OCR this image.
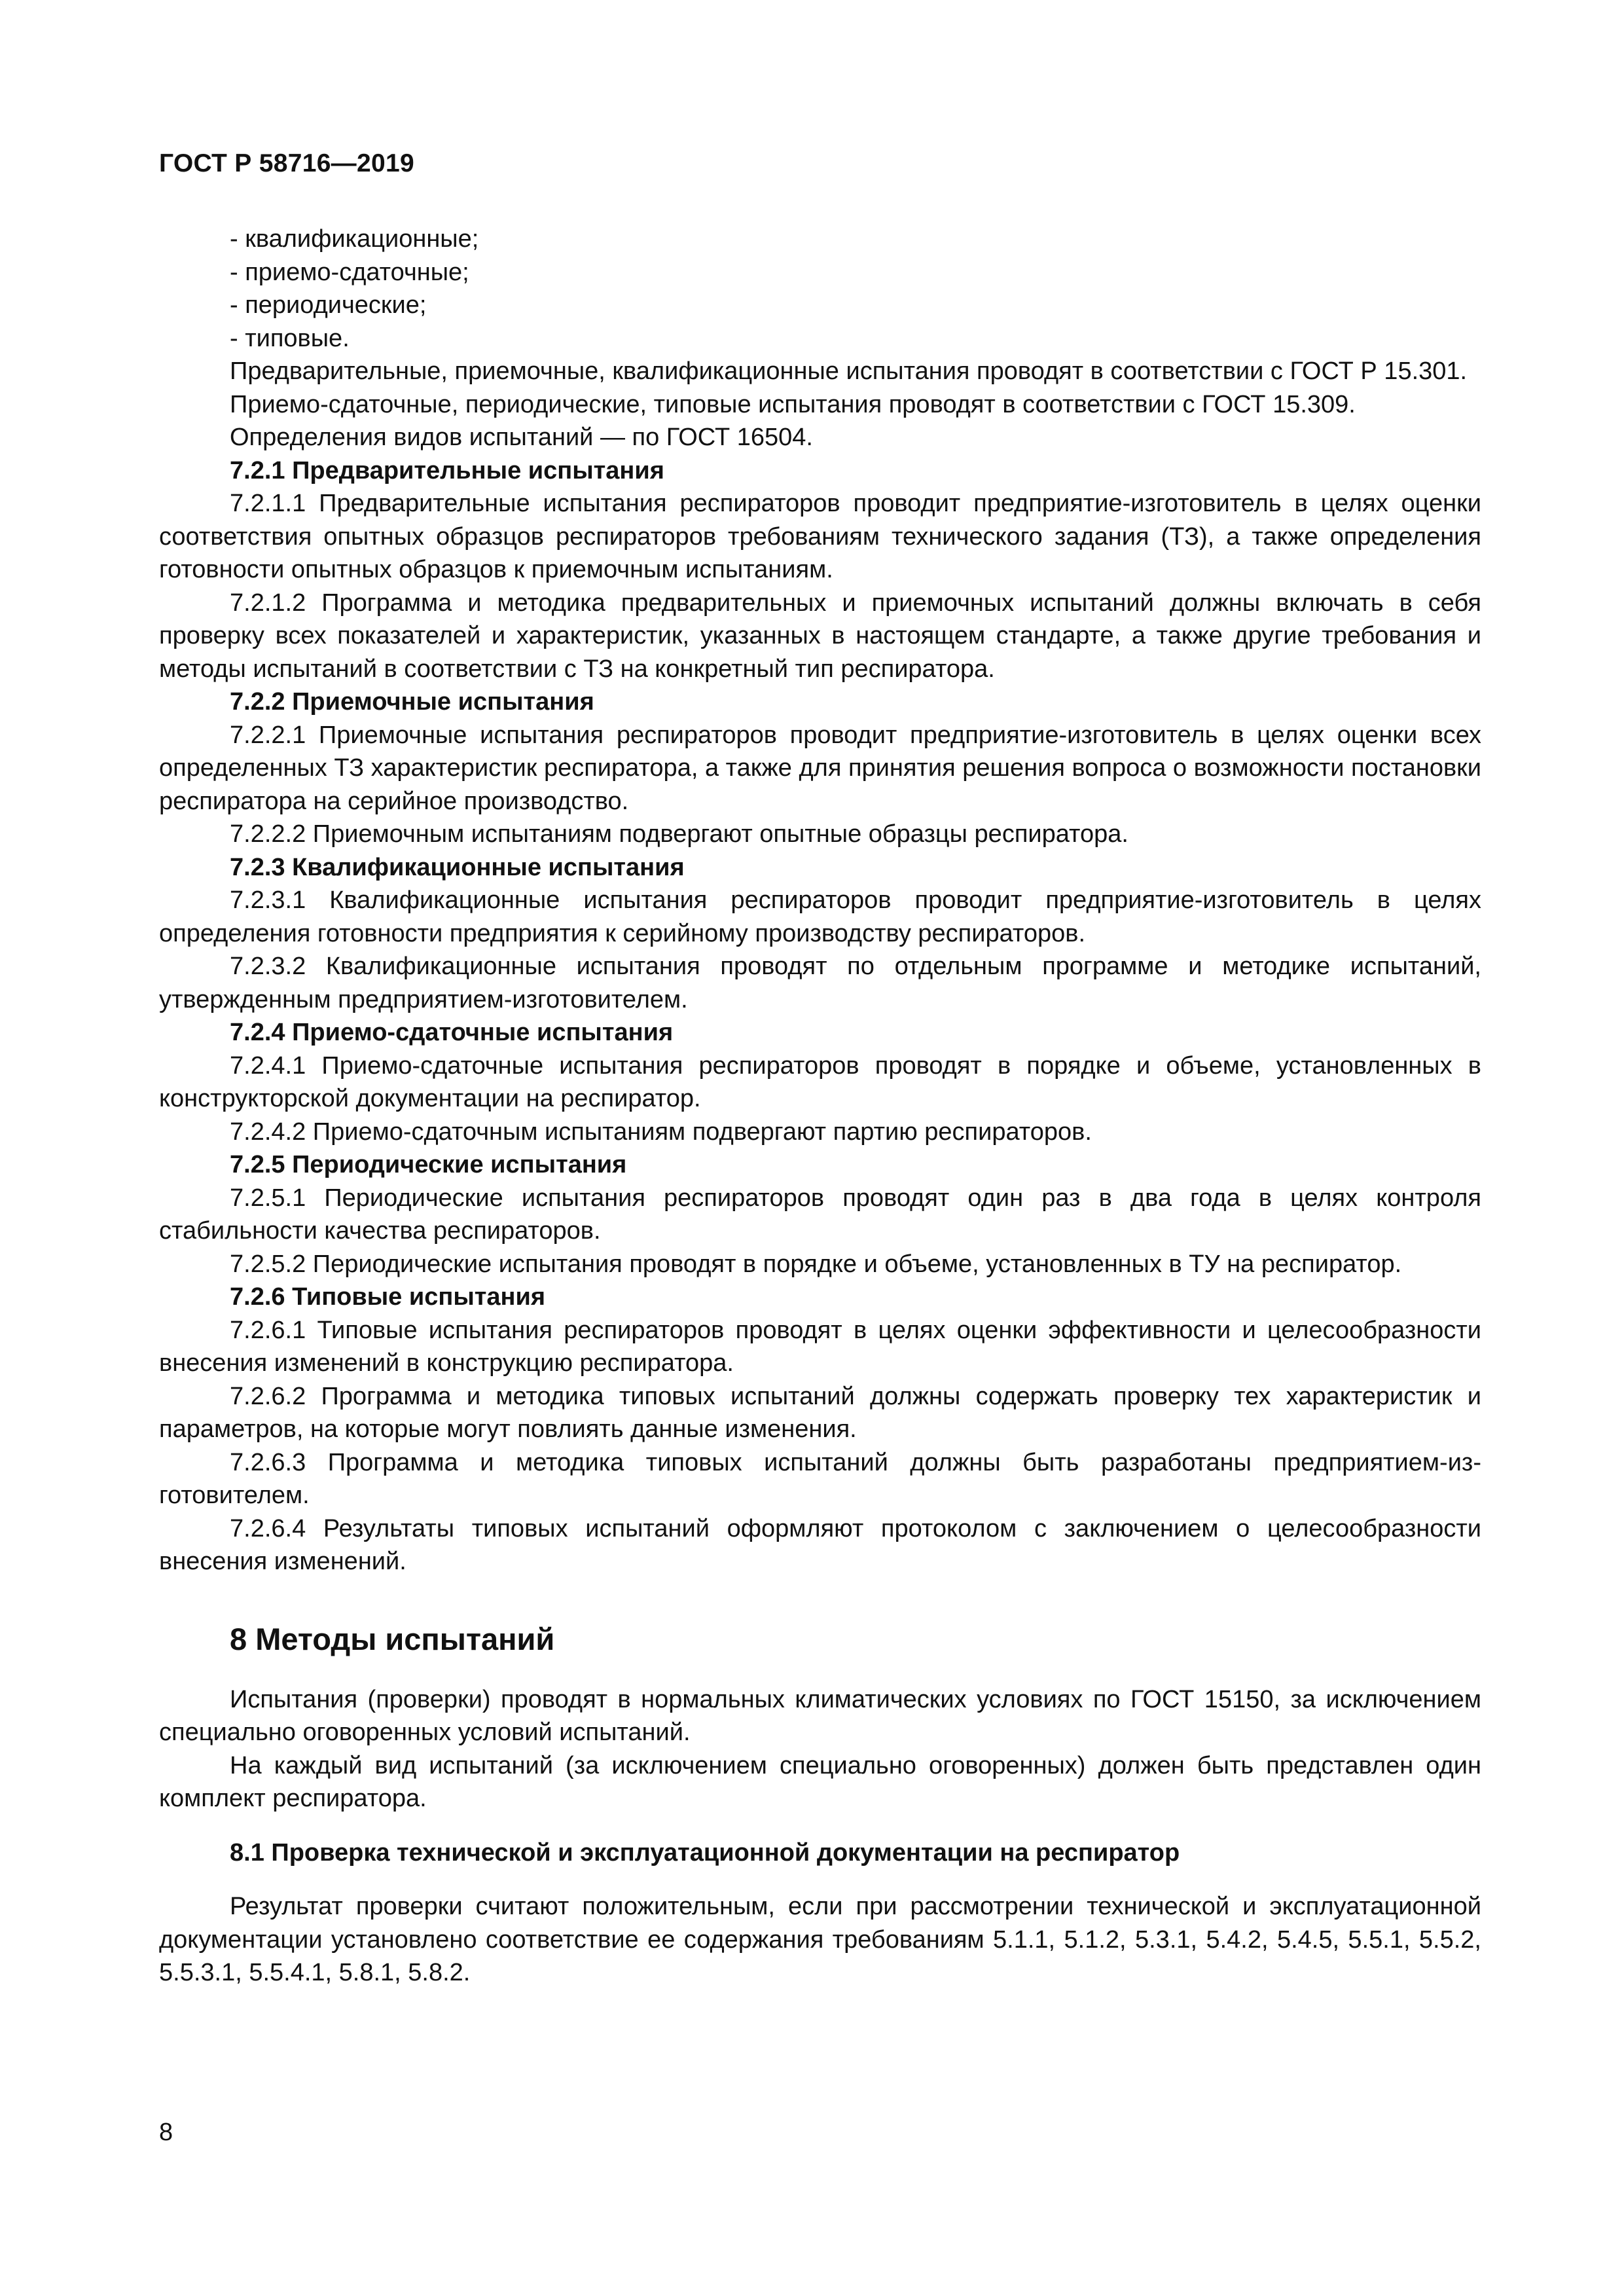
ГОСТ Р 58716—2019

- квалификационные;

- приемо-сдаточные;

- периодические;

- типовые.

Предварительные, приемочные, квалификационные испытания проводят в соответствии с ГОСТ Р 15.301.

Приемо-сдаточные, периодические, типовые испытания проводят в соответствии с ГОСТ 15.309.

Определения видов испытаний — по ГОСТ 16504.

7.2.1 Предварительные испытания

7.2.1.1 Предварительные испытания респираторов проводит предприятие-изготовитель в целях оценки соответствия опытных образцов респираторов требованиям технического задания (ТЗ), а также определения готовности опытных образцов к приемочным испытаниям.

7.2.1.2 Программа и методика предварительных и приемочных испытаний должны включать в себя проверку всех показателей и характеристик, указанных в настоящем стандарте, а также другие требования и методы испытаний в соответствии с ТЗ на конкретный тип респиратора.

7.2.2 Приемочные испытания

7.2.2.1 Приемочные испытания респираторов проводит предприятие-изготовитель в целях оценки всех определенных ТЗ характеристик респиратора, а также для принятия решения вопроса о возможности постановки респиратора на серийное производство.

7.2.2.2 Приемочным испытаниям подвергают опытные образцы респиратора.

7.2.3 Квалификационные испытания

7.2.3.1 Квалификационные испытания респираторов проводит предприятие-изготовитель в целях определения готовности предприятия к серийному производству респираторов.

7.2.3.2 Квалификационные испытания проводят по отдельным программе и методике испытаний, утвержденным предприятием-изготовителем.

7.2.4 Приемо-сдаточные испытания

7.2.4.1 Приемо-сдаточные испытания респираторов проводят в порядке и объеме, установленных в конструкторской документации на респиратор.

7.2.4.2 Приемо-сдаточным испытаниям подвергают партию респираторов.

7.2.5 Периодические испытания

7.2.5.1 Периодические испытания респираторов проводят один раз в два года в целях контроля стабильности качества респираторов.

7.2.5.2 Периодические испытания проводят в порядке и объеме, установленных в ТУ на респиратор.

7.2.6 Типовые испытания

7.2.6.1 Типовые испытания респираторов проводят в целях оценки эффективности и целесообразности внесения изменений в конструкцию респиратора.

7.2.6.2 Программа и методика типовых испытаний должны содержать проверку тех характеристик и параметров, на которые могут повлиять данные изменения.

7.2.6.3 Программа и методика типовых испытаний должны быть разработаны предприятием-изготовителем.

7.2.6.4 Результаты типовых испытаний оформляют протоколом с заключением о целесообразности внесения изменений.

8 Методы испытаний

Испытания (проверки) проводят в нормальных климатических условиях по ГОСТ 15150, за исключением специально оговоренных условий испытаний.

На каждый вид испытаний (за исключением специально оговоренных) должен быть представлен один комплект респиратора.

8.1 Проверка технической и эксплуатационной документации на респиратор

Результат проверки считают положительным, если при рассмотрении технической и эксплуатационной документации установлено соответствие ее содержания требованиям 5.1.1, 5.1.2, 5.3.1, 5.4.2, 5.4.5, 5.5.1, 5.5.2, 5.5.3.1, 5.5.4.1, 5.8.1, 5.8.2.

8
